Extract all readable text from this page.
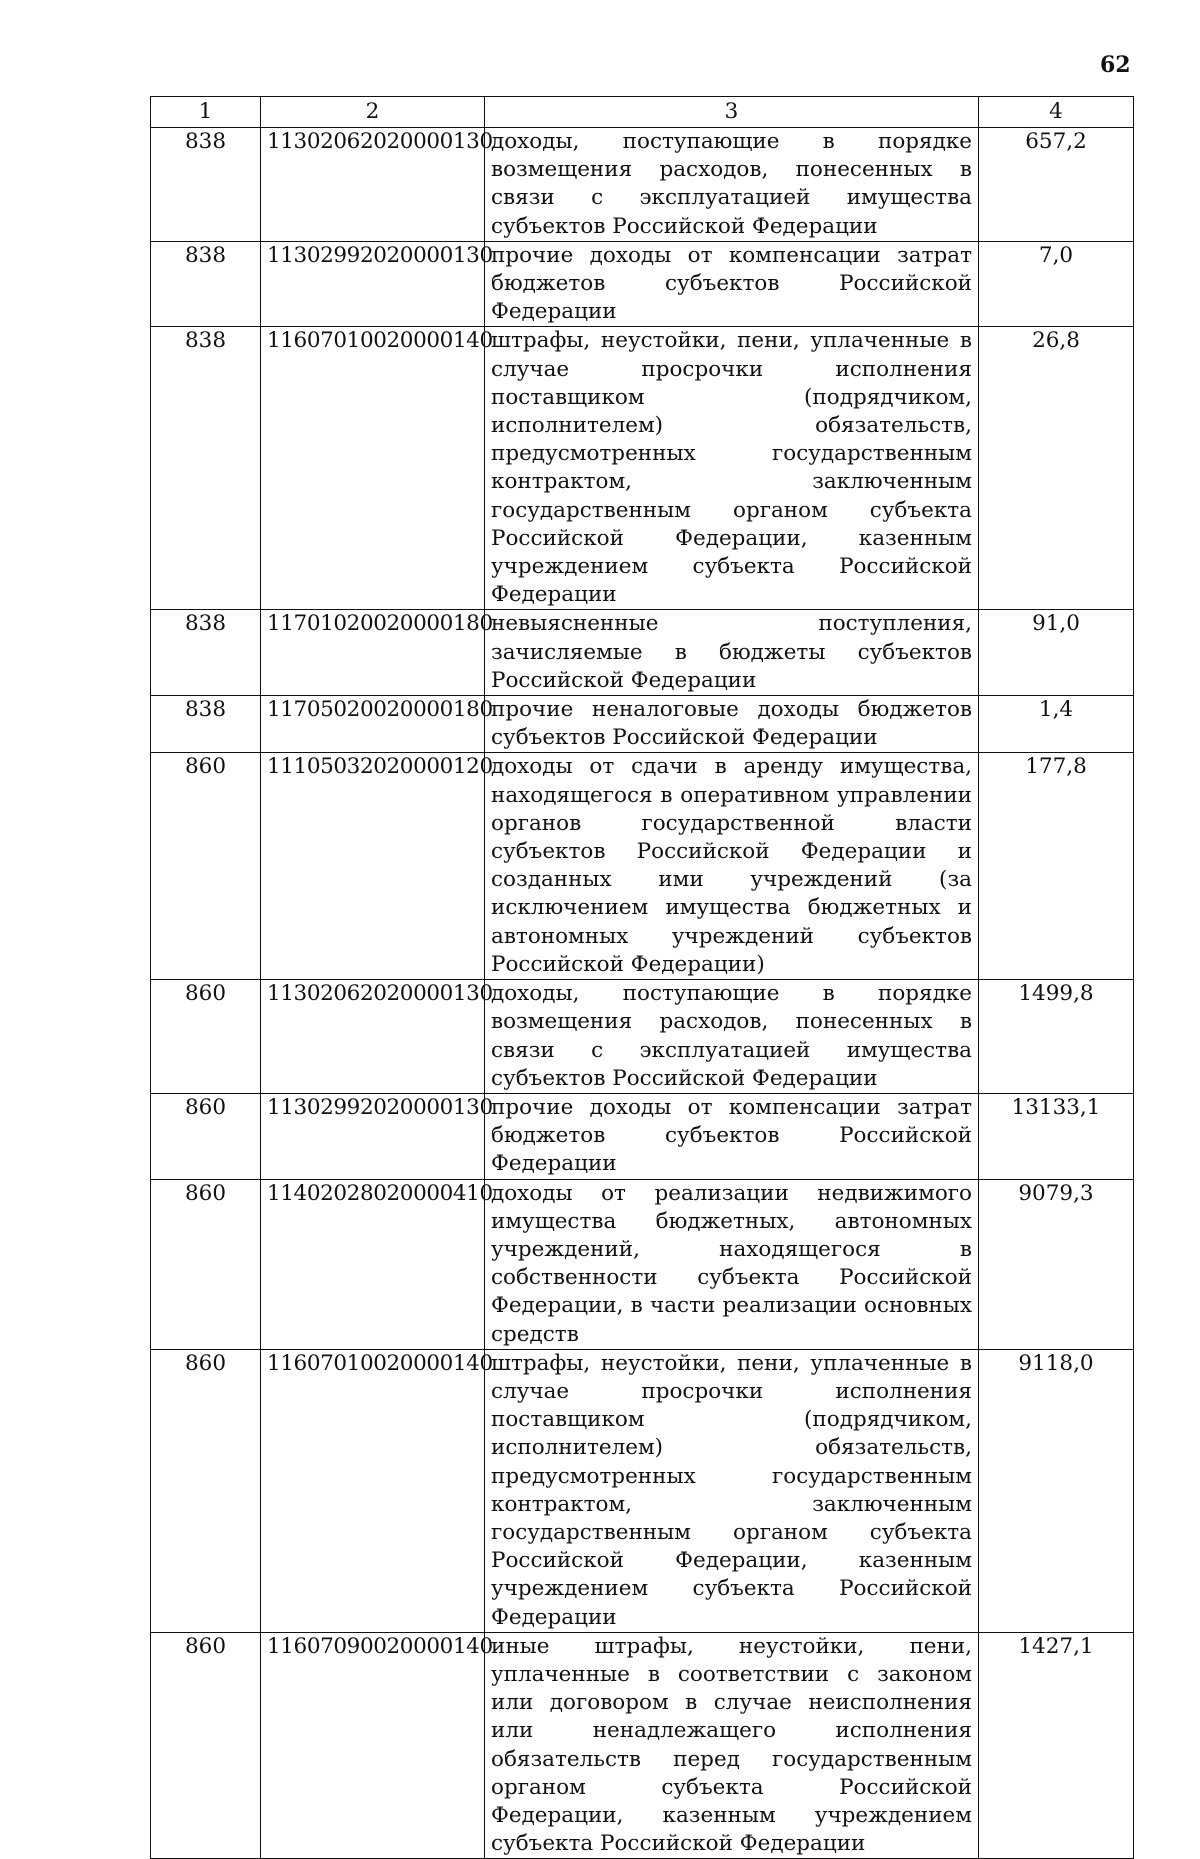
62
1	2	3	4
838	11302062020000130	доходы, поступающие в порядке возмещения расходов, понесенных в связи с эксплуатацией имущества субъектов Российской Федерации	657,2
838	11302992020000130	прочие доходы от компенсации затрат бюджетов субъектов Российской Федерации	7,0
838	11607010020000140	штрафы, неустойки, пени, уплаченные в случае просрочки исполнения поставщиком (подрядчиком, исполнителем) обязательств, предусмотренных государственным контрактом, заключенным государственным органом субъекта Российской Федерации, казенным учреждением субъекта Российской Федерации	26,8
838	11701020020000180	невыясненные поступления, зачисляемые в бюджеты субъектов Российской Федерации	91,0
838	11705020020000180	прочие неналоговые доходы бюджетов субъектов Российской Федерации	1,4
860	11105032020000120	доходы от сдачи в аренду имущества, находящегося в оперативном управлении органов государственной власти субъектов Российской Федерации и созданных ими учреждений (за исключением имущества бюджетных и автономных учреждений субъектов Российской Федерации)	177,8
860	11302062020000130	доходы, поступающие в порядке возмещения расходов, понесенных в связи с эксплуатацией имущества субъектов Российской Федерации	1499,8
860	11302992020000130	прочие доходы от компенсации затрат бюджетов субъектов Российской Федерации	13133,1
860	11402028020000410	доходы от реализации недвижимого имущества бюджетных, автономных учреждений, находящегося в собственности субъекта Российской Федерации, в части реализации основных средств	9079,3
860	11607010020000140	штрафы, неустойки, пени, уплаченные в случае просрочки исполнения поставщиком (подрядчиком, исполнителем) обязательств, предусмотренных государственным контрактом, заключенным государственным органом субъекта Российской Федерации, казенным учреждением субъекта Российской Федерации	9118,0
860	11607090020000140	иные штрафы, неустойки, пени, уплаченные в соответствии с законом или договором в случае неисполнения или ненадлежащего исполнения обязательств перед государственным органом субъекта Российской Федерации, казенным учреждением субъекта Российской Федерации	1427,1
